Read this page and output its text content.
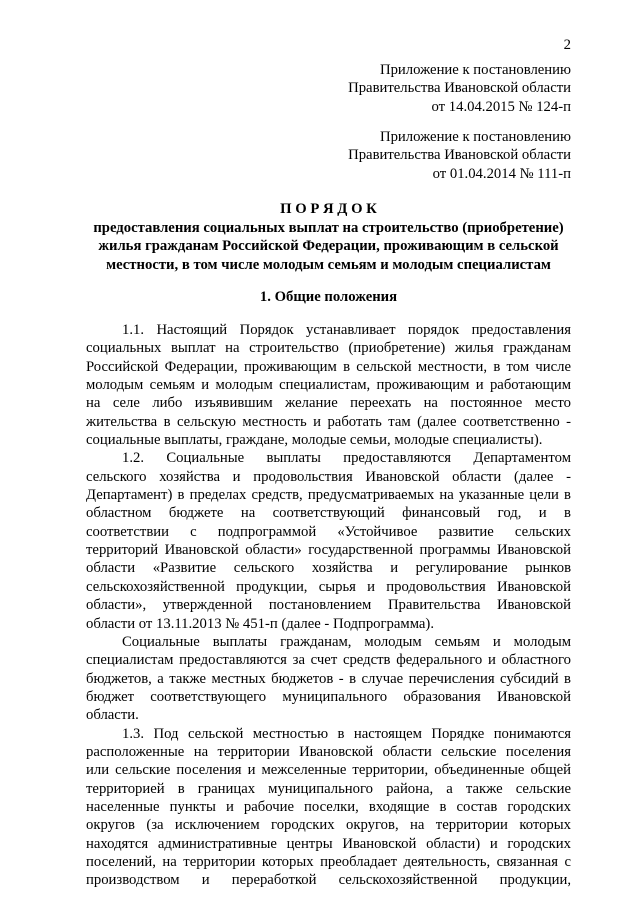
2
Приложение к постановлению
Правительства Ивановской области
от 14.04.2015 № 124-п
Приложение к постановлению
Правительства Ивановской области
от 01.04.2014 № 111-п
П О Р Я Д О К
предоставления социальных выплат на строительство (приобретение)
жилья гражданам Российской Федерации, проживающим в сельской
местности, в том числе молодым семьям и молодым специалистам
1. Общие положения
1.1. Настоящий Порядок устанавливает порядок предоставления
социальных выплат на строительство (приобретение) жилья гражданам
Российской Федерации, проживающим в сельской местности, в том числе
молодым семьям и молодым специалистам, проживающим и работающим
на селе либо изъявившим желание переехать на постоянное место
жительства в сельскую местность и работать там (далее соответственно -
социальные выплаты, граждане, молодые семьи, молодые специалисты).
1.2. Социальные выплаты предоставляются Департаментом
сельского хозяйства и продовольствия Ивановской области (далее -
Департамент) в пределах средств, предусматриваемых на указанные цели в
областном бюджете на соответствующий финансовый год, и в
соответствии с подпрограммой «Устойчивое развитие сельских
территорий Ивановской области» государственной программы Ивановской
области «Развитие сельского хозяйства и регулирование рынков
сельскохозяйственной продукции, сырья и продовольствия Ивановской
области», утвержденной постановлением Правительства Ивановской
области от 13.11.2013 № 451-п (далее - Подпрограмма).
Социальные выплаты гражданам, молодым семьям и молодым
специалистам предоставляются за счет средств федерального и областного
бюджетов, а также местных бюджетов - в случае перечисления субсидий в
бюджет соответствующего муниципального образования Ивановской
области.
1.3. Под сельской местностью в настоящем Порядке понимаются
расположенные на территории Ивановской области сельские поселения
или сельские поселения и межселенные территории, объединенные общей
территорией в границах муниципального района, а также сельские
населенные пункты и рабочие поселки, входящие в состав городских
округов (за исключением городских округов, на территории которых
находятся административные центры Ивановской области) и городских
поселений, на территории которых преобладает деятельность, связанная с
производством и переработкой сельскохозяйственной продукции,
